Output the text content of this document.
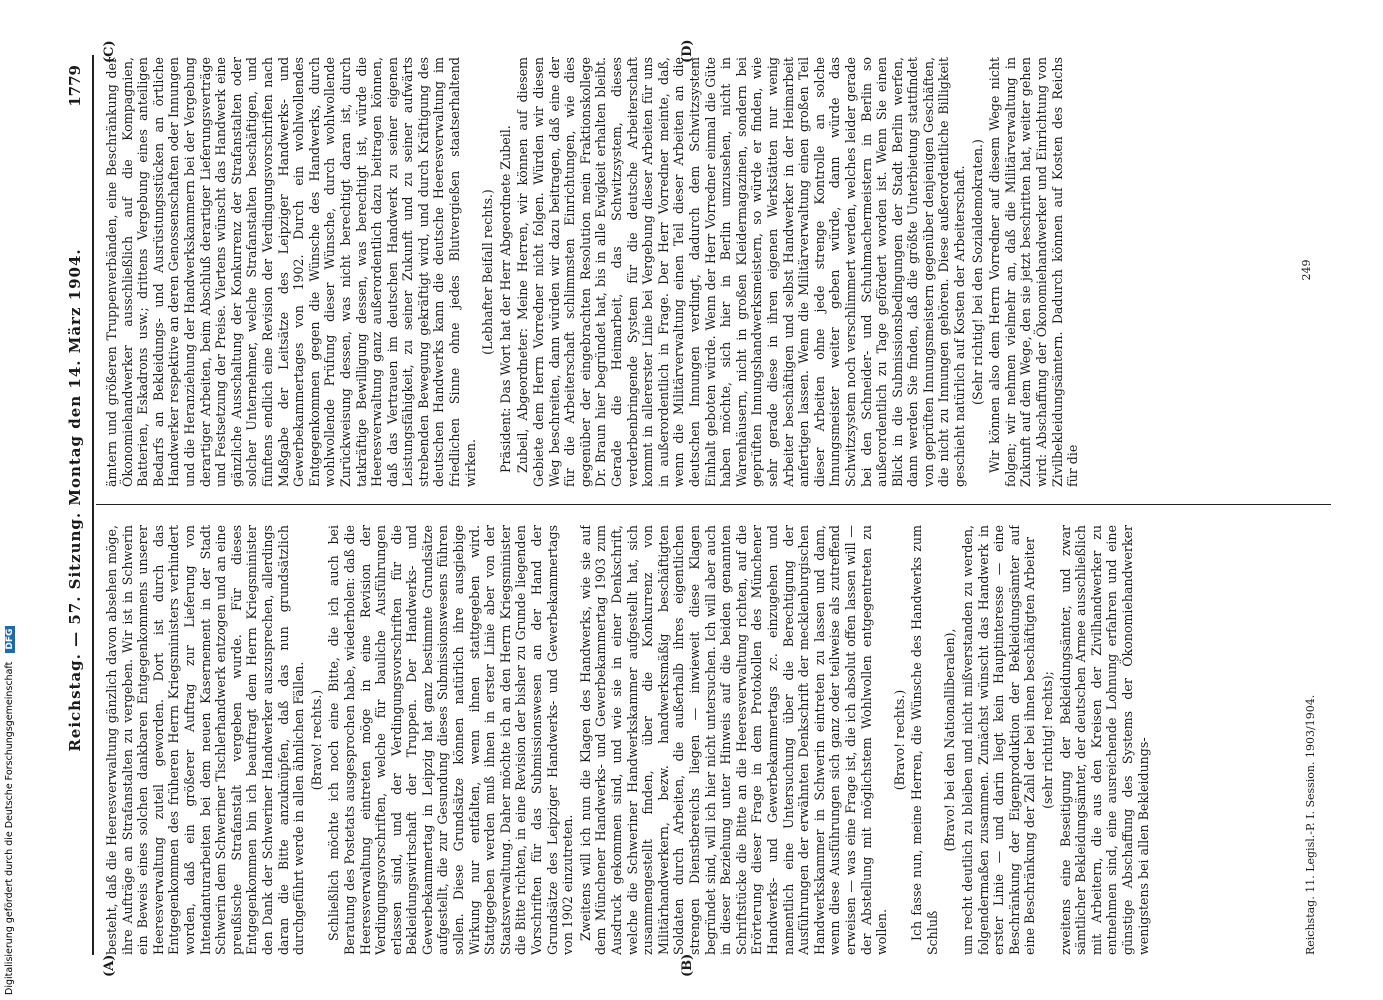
Reichstag. — 57. Sitzung. Montag den 14. März 1904.
1779
(A)	(B)
(C)	(D)

besteht, daß die Heeresverwaltung gänzlich davon absehen möge, ihre Aufträge an Strafanstalten zu vergeben. Wir ist in Schwerin ein Beweis eines solchen dankbaren Entgegenkommens unserer Heeresverwaltung zuteil geworden. Dort ist durch das Entgegenkommen des früheren Herrn Kriegsministers verhindert worden, daß ein größerer Auftrag zur Lieferung von Intendanturarbeiten bei dem neuen Kasernement in der Stadt Schwerin dem Schweriner Tischlerhandwerk entzogen und an eine preußische Strafanstalt vergeben wurde. Für dieses Entgegenkommen bin ich beauftragt dem Herrn Kriegsminister den Dank der Schweriner Handwerker auszusprechen, allerdings daran die Bitte anzuknüpfen, daß das nun grundsätzlich durchgeführt werde in allen ähnlichen Fällen. (Bravo! rechts.) Schließlich möchte ich noch eine Bitte, die ich auch bei Beratung des Postetats ausgesprochen habe, wiederholen: daß die Heeresverwaltung eintreten möge in eine Revision der Verdingungsvorschriften, welche für bauliche Ausführungen erlassen sind, und der Verdingungsvorschriften für die Bekleidungswirtschaft der Truppen. Der Handwerks- und Gewerbekammertag in Leipzig hat ganz bestimmte Grundsätze aufgestellt, die zur Gesundung dieses Submissionswesens führen sollen. Diese Grundsätze können natürlich ihre ausgiebige Wirkung nur entfalten, wenn ihnen stattgegeben wird. Stattgegeben werden muß ihnen in erster Linie aber von der Staatsverwaltung. Daher möchte ich an den Herrn Kriegsminister die Bitte richten, in eine Revision der bisher zu Grunde liegenden Vorschriften für das Submissionswesen an der Hand der Grundsätze des Leipziger Handwerks- und Gewerbekammertags von 1902 einzutreten. Zweitens will ich nun die Klagen des Handwerks, wie sie auf dem Münchener Handwerks- und Gewerbekammertag 1903 zum Ausdruck gekommen sind, und wie sie in einer Denkschrift, welche die Schweriner Handwerkskammer aufgestellt hat, sich zusammengestellt finden, über die Konkurrenz von Militärhandwerkern, bezw. handwerksmäßig beschäftigten Soldaten durch Arbeiten, die außerhalb ihres eigentlichen strengen Dienstbereichs liegen — inwieweit diese Klagen begründet sind, will ich hier nicht untersuchen. Ich will aber auch in dieser Beziehung unter Hinweis auf die beiden genannten Schriftstücke die Bitte an die Heeresverwaltung richten, auf die Erörterung dieser Frage in dem Protokollen des Münchener Handwerks- und Gewerbekammertags zc. einzugehen und namentlich eine Untersuchung über die Berechtigung der Ausführungen der erwähnten Denkschrift der mecklenburgischen Handwerkskammer in Schwerin eintreten zu lassen und dann, wenn diese Ausführungen sich ganz oder teilweise als zutreffend erweisen — was eine Frage ist, die ich absolut offen lassen will — der Abstellung mit möglichstem Wohlwollen entgegentreten zu wollen.

(Bravo! rechts.) Ich fasse nun, meine Herren, die Wünsche des Handwerks zum Schluß

(Bravo! bei den Nationalliberalen), um recht deutlich zu bleiben und nicht mißverstanden zu werden, folgendermaßen zusammen. Zunächst wünscht das Handwerk in erster Linie — und darin liegt kein Hauptinteresse — eine Beschränkung der Eigenproduktion der Bekleidungsämter auf eine Beschränkung der Zahl der bei ihnen beschäftigten Arbeiter (sehr richtig! rechts); zweitens eine Beseitigung der Bekleidungsämter, und zwar sämtlicher Bekleidungsämter, der deutschen Armee ausschließlich mit Arbeitern, die aus den Kreisen der Zivilhandwerker zu entnehmen sind, eine ausreichende Lohnung erfahren und eine günstige Abschaffung des Systems der Ökonomiehandwerker wenigstens bei allen Bekleidungs-

ämtern und größeren Truppenverbänden, eine Beschränkung der Ökonomiehandwerker ausschließlich auf die Kompagnien, Batterien, Eskadrons usw.; drittens Vergebung eines anteiligen Bedarfs an Bekleidungs- und Ausrüstungsstücken an örtliche Handwerker respektive an deren Genossenschaften oder Innungen und die Heranziehung der Handwerkskammern bei der Vergebung derartiger Arbeiten, beim Abschluß derartiger Lieferungsverträge und Festsetzung der Preise. Viertens wünscht das Handwerk eine gänzliche Ausschaltung der Konkurrenz der Strafanstalten oder solcher Unternehmer, welche Strafanstalten beschäftigen, und fünftens endlich eine Revision der Verdingungsvorschriften nach Maßgabe der Leitsätze des Leipziger Handwerks- und Gewerbekammertages von 1902. Durch ein wohlwollendes Entgegenkommen gegen die Wünsche des Handwerks, durch wohlwollende Prüfung dieser Wünsche, durch wohlwollende Zurückweisung dessen, was nicht berechtigt daran ist, durch tatkräftige Bewilligung dessen, was berechtigt ist, würde die Heeresverwaltung ganz außerordentlich dazu beitragen können, daß das Vertrauen im deutschen Handwerk zu seiner eigenen Leistungsfähigkeit, zu seiner Zukunft und zu seiner aufwärts strebenden Bewegung gekräftigt wird, und durch Kräftigung des deutschen Handwerks kann die deutsche Heeresverwaltung im friedlichen Sinne ohne jedes Blutvergießen staatserhaltend wirken.

(Lebhafter Beifall rechts.) Präsident: Das Wort hat der Herr Abgeordnete Zubeil. Zubeil, Abgeordneter: Meine Herren, wir können auf diesem Gebiete dem Herrn Vorredner nicht folgen. Würden wir diesen Weg beschreiten, dann würden wir dazu beitragen, daß eine der für die Arbeiterschaft schlimmsten Einrichtungen, wie dies gegenüber der eingebrachten Resolution mein Fraktionskollege Dr. Braun hier begründet hat, bis in alle Ewigkeit erhalten bleibt. Gerade die Heimarbeit, das Schwitzsystem, dieses verderbenbringende System für die deutsche Arbeiterschaft kommt in allererster Linie bei Vergebung dieser Arbeiten für uns in außerordentlich in Frage. Der Herr Vorredner meinte, daß, wenn die Militärverwaltung einen Teil dieser Arbeiten an die deutschen Innungen verdingt, dadurch dem Schwitzsystem Einhalt geboten würde. Wenn der Herr Vorredner einmal die Güte haben möchte, sich hier in Berlin umzusehen, nicht in Warenhäusern, nicht in großen Kleidermagazinen, sondern bei geprüften Innungshandwerksmeistern, so würde er finden, wie sehr gerade diese in ihren eigenen Werkstätten nur wenig Arbeiter beschäftigen und selbst Handwerker in der Heimarbeit anfertigen lassen. Wenn die Militärverwaltung einen großen Teil dieser Arbeiten ohne jede strenge Kontrolle an solche Innungsmeister weiter geben würde, dann würde das Schwitzsystem noch verschlimmert werden, welches leider gerade bei den Schneider- und Schuhmachermeistern in Berlin so außerordentlich zu Tage gefördert worden ist. Wenn Sie einen Blick in die Submissionsbedingungen der Stadt Berlin werfen, dann werden Sie finden, daß die größte Unterbietung stattfindet von geprüften Innungsmeistern gegenüber denjenigen Geschäften, die nicht zu Innungen gehören. Diese außerordentliche Billigkeit geschieht natürlich auf Kosten der Arbeiterschaft. (Sehr richtig! bei den Sozialdemokraten.) Wir können also dem Herrn Vorredner auf diesem Wege nicht folgen; wir nehmen vielmehr an, daß die Militärverwaltung in Zukunft auf dem Wege, den sie jetzt beschritten hat, weiter gehen wird: Abschaffung der Ökonomiehandwerker und Einrichtung von Zivilbekleidungsämtern. Dadurch können auf Kosten des Reichs für die

Reichstag. 11. Legisl.-P. I. Session. 1903/1904.
249
Digitalisierung gefördert durch die Deutsche Forschungsgemeinschaft DFG
